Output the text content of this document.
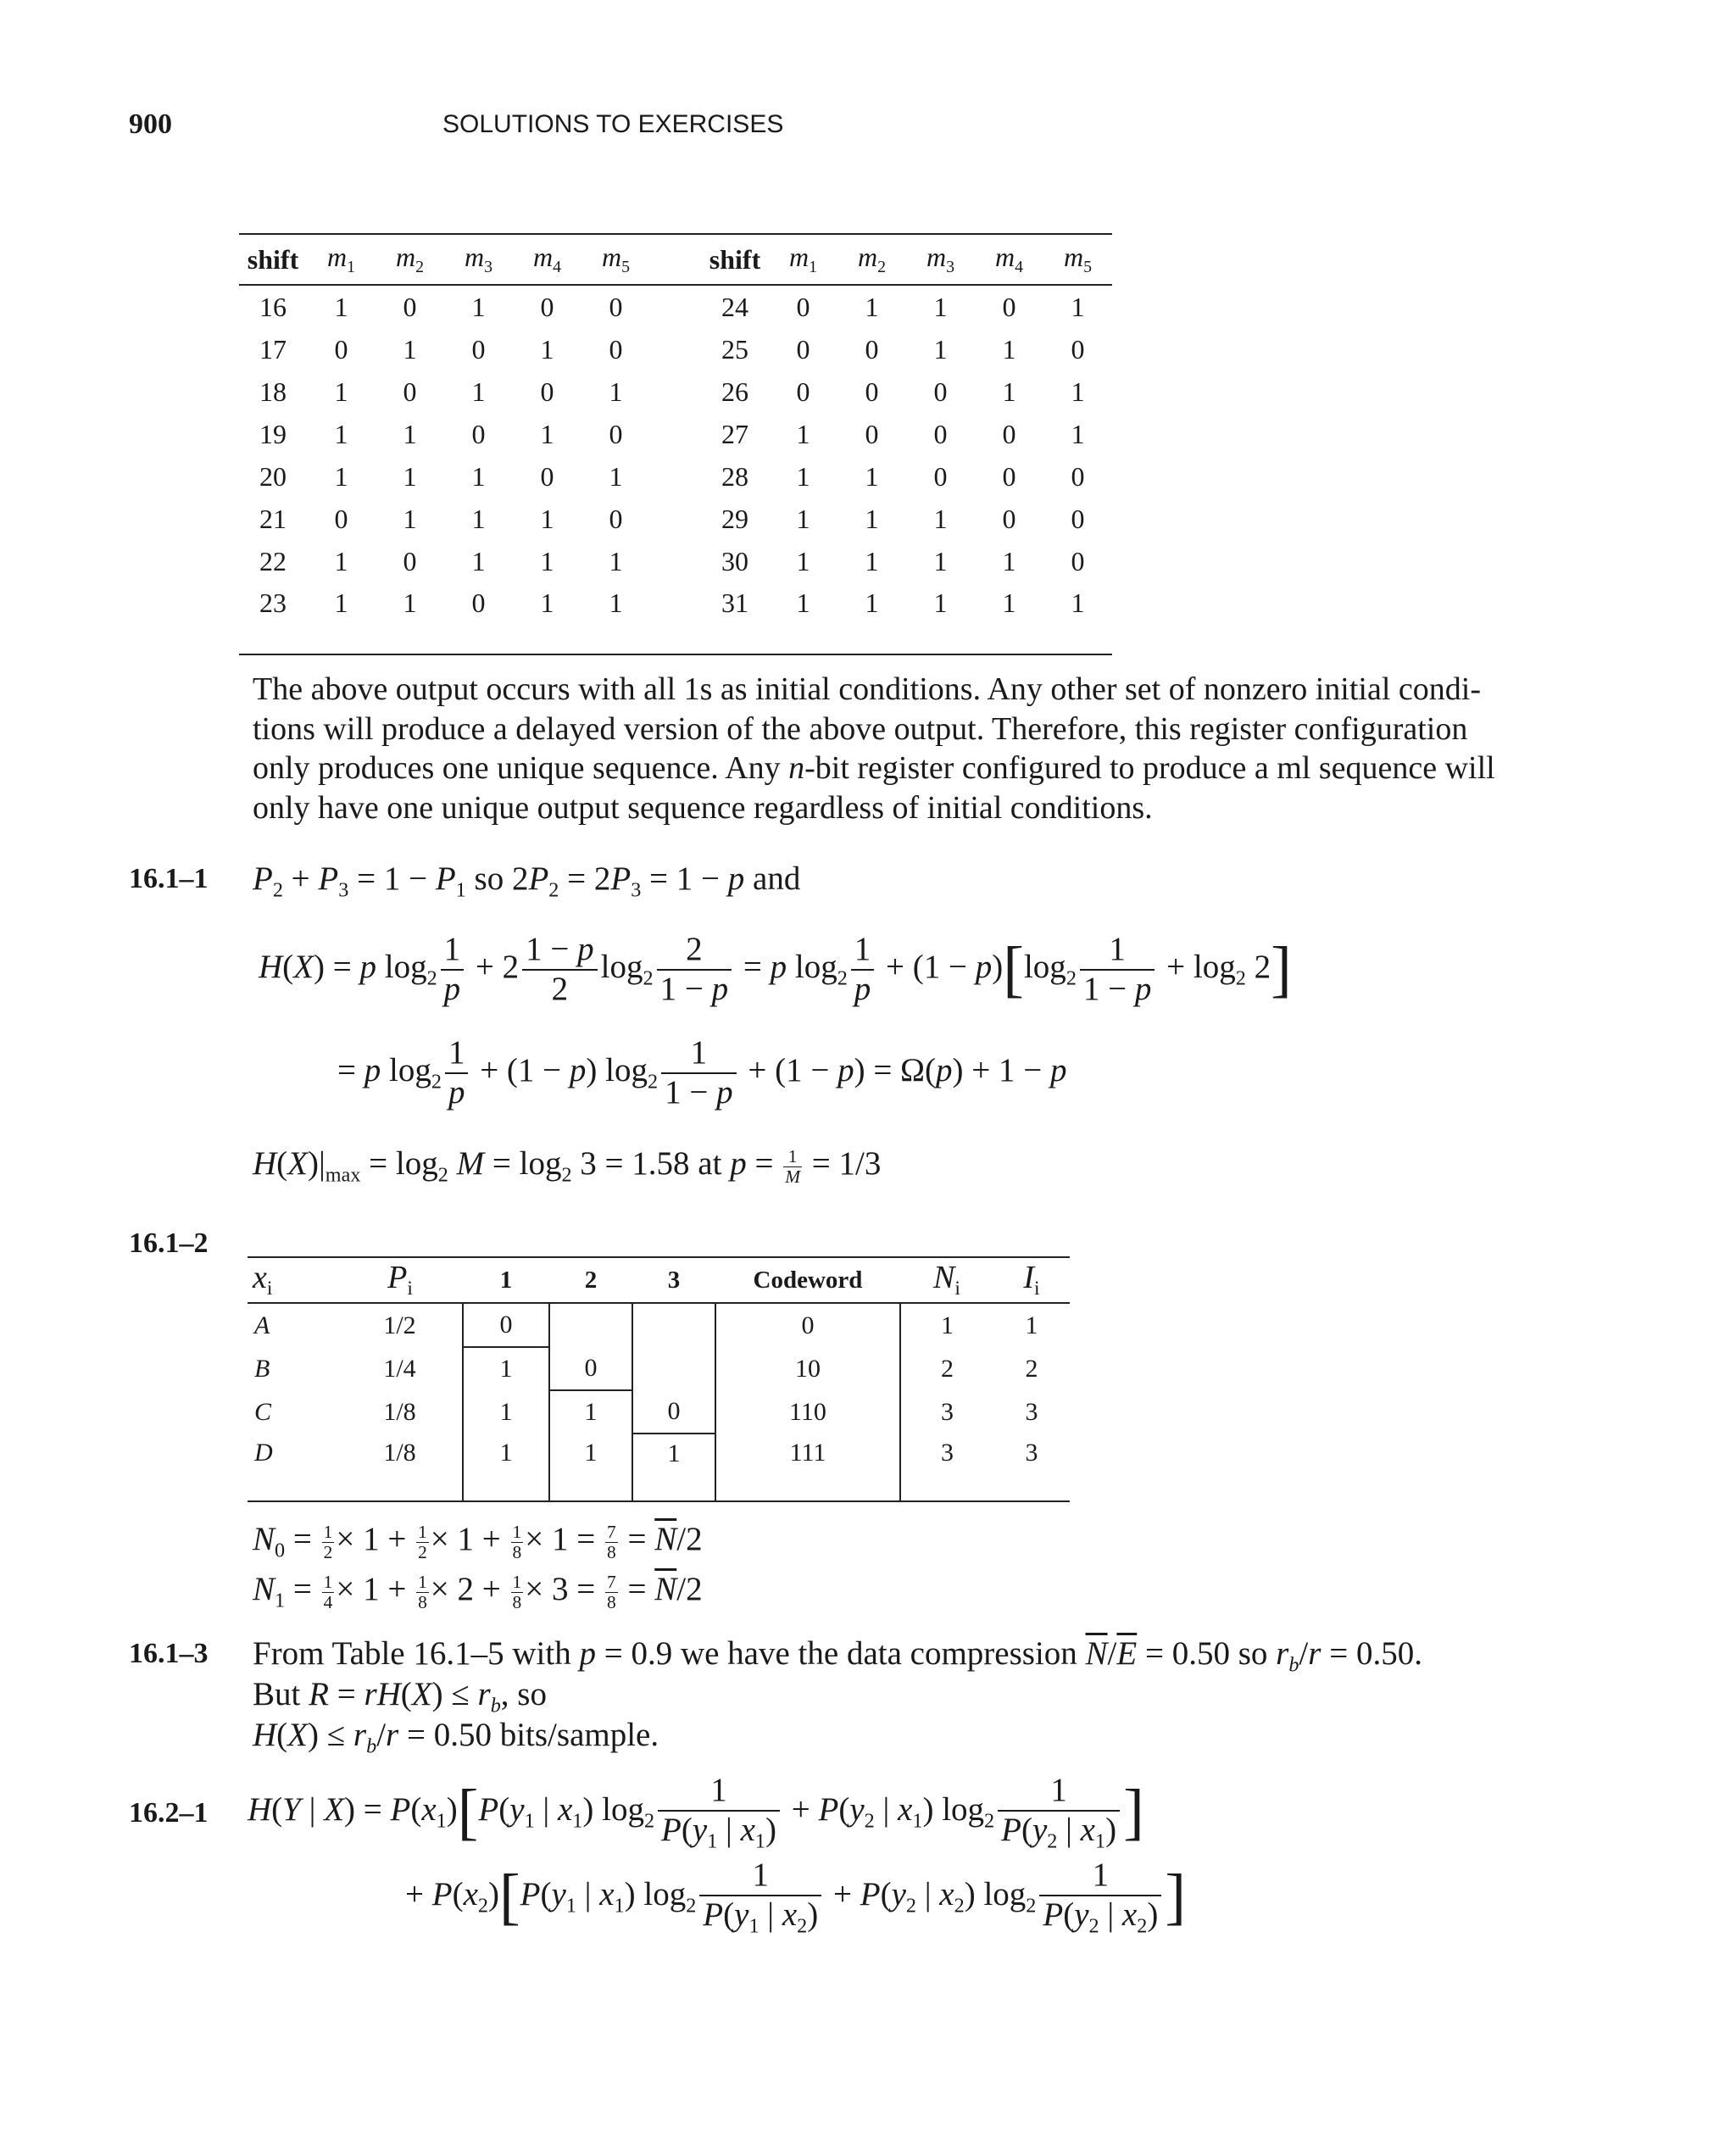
900	SOLUTIONS TO EXERCISES
shift	$m_1$	$m_2$	$m_3$	$m_4$	$m_5$		shift	$m_1$	$m_2$	$m_3$	$m_4$	$m_5$
16	1	0	1	0	0		24	0	1	1	0	1
17	0	1	0	1	0		25	0	0	1	1	0
18	1	0	1	0	1		26	0	0	0	1	1
19	1	1	0	1	0		27	1	0	0	0	1
20	1	1	1	0	1		28	1	1	0	0	0
21	0	1	1	1	0		29	1	1	1	0	0
22	1	0	1	1	1		30	1	1	1	1	0
23	1	1	0	1	1		31	1	1	1	1	1

The above output occurs with all 1s as initial conditions. Any other set of nonzero initial condi-tions will produce a delayed version of the above output. Therefore, this register configuration only produces one unique sequence. Any n-bit register configured to produce a ml sequence will only have one unique output sequence regardless of initial conditions.

16.1–1 $P_2 + P_3 = 1 - P_1$ so $2P_2 = 2P_3 = 1 - p$ and
H(X) = p $\log_2 \frac{1}{p} + 2 \frac{1 - p}{2} \log_2 \frac{2}{1 - p} = p$ $\log_2 \frac{1}{p} + (1 - p)[\log_2 \frac{1}{1 - p} + \log_2 2]$
= p $\log_2 \frac{1}{p} + (1 - p)$ $\log_2 \frac{1}{1 - p} + (1 - p) = \Omega(p) + 1 - p$
$H(X)|_{max} = \log_2 M = \log_2 3 = 1.58$ at $p = \frac{1}{M} = 1/3$
16.1–2
$x_i$	$P_i$	1	2	3	Codeword	$N_i$	$I_i$
A	1/2	0			0	1	1
B	1/4	1	0		10	2	2
C	1/8	1	1	0	110	3	3
D	1/8	1	1	1	111	3	3
$N_0 = \frac{1}{2} \times 1 + \frac{1}{2} \times 1 + \frac{1}{8} \times 1 = \frac{7}{8} = \overline{N}/2$
$N_1 = \frac{1}{4} \times 1 + \frac{1}{8} \times 2 + \frac{1}{8} \times 3 = \frac{7}{8} = \overline{N}/2$
16.1–3 From Table 16.1–5 with p = 0.9 we have the data compression $\overline{N}/\overline{E} = 0.50$ so $r_b/r = 0.50$.
But $R = rH(X) \le r_b$, so
$H(X) \le r_b/r = 0.50$ bits/sample.
16.2–1 H(Y | $X) = P(x_1)[P(y_1$ | $x_1$) $\log_2 \frac{1}{P(y_1 | x_1)} + P(y_2$ | $x_1$) $\log_2 \frac{1}{P(y_2 | x_1)}$ ]
+ $P(x_2)[P(y_1$ | $x_1$) $\log_2 \frac{1}{P(y_1 | x_2)} + P(y_2$ | $x_2$) $\log_2 \frac{1}{P(y_2 | x_2)}$ ]
